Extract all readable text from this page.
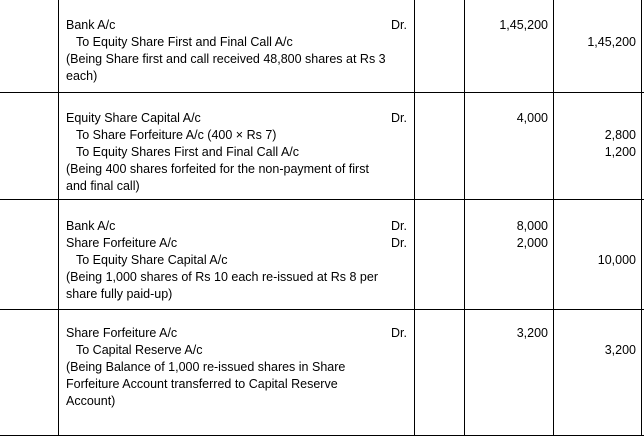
Bank A/c	Dr.	1,45,200
To Equity Share First and Final Call A/c	1,45,200
(Being Share first and call received 48,800 shares at Rs 3
each)
Equity Share Capital A/c	Dr.	4,000
To Share Forfeiture A/c (400 × Rs 7)	2,800
To Equity Shares First and Final Call A/c	1,200
(Being 400 shares forfeited for the non-payment of first
and final call)
Bank A/c	Dr.	8,000
Share Forfeiture A/c	Dr.	2,000
To Equity Share Capital A/c	10,000
(Being 1,000 shares of Rs 10 each re-issued at Rs 8 per
share fully paid-up)
Share Forfeiture A/c	Dr.	3,200
To Capital Reserve A/c	3,200
(Being Balance of 1,000 re-issued shares in Share
Forfeiture Account transferred to Capital Reserve
Account)
